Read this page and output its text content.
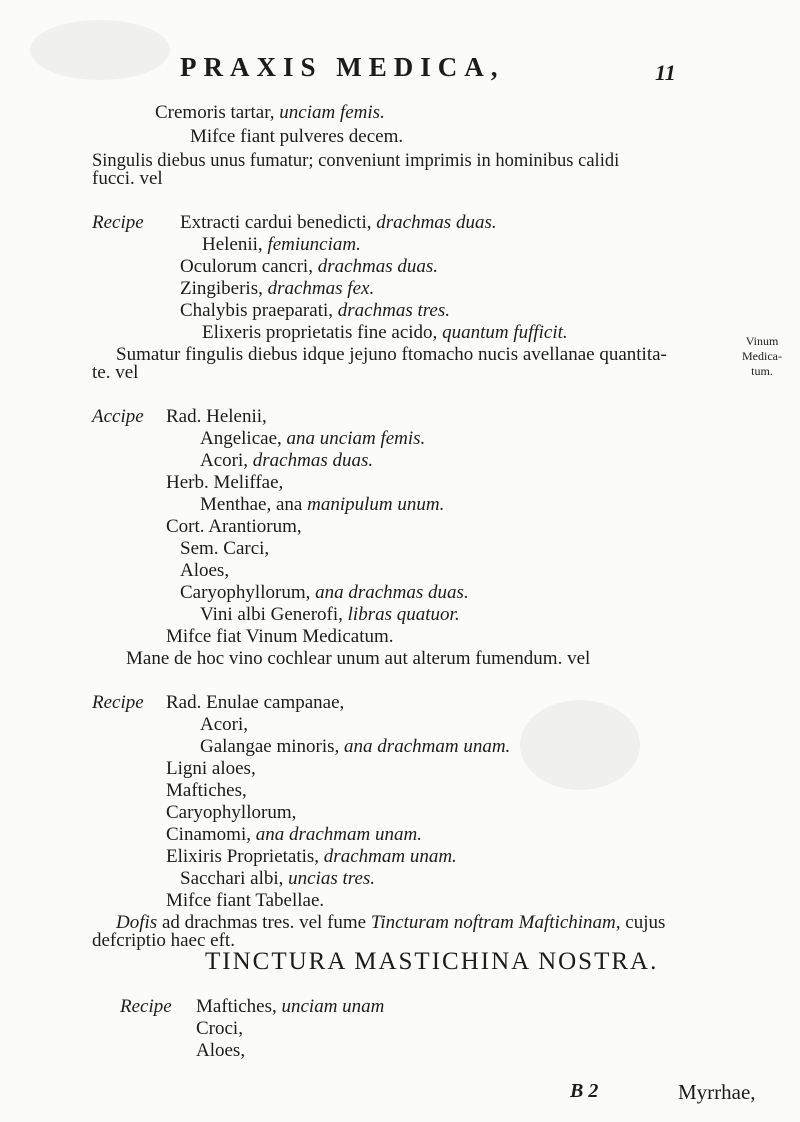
PRAXIS MEDICA,	11
Cremoris tartar, unciam femis.
Mifce fiant pulveres decem.
Singulis diebus unus fumatur; conveniunt imprimis in hominibus calidi
fucci. vel
Recipe Extracti cardui benedicti, drachmas duas.
Helenii, femiunciam.
Oculorum cancri, drachmas duas.
Zingiberis, drachmas fex.
Chalybis praeparati, drachmas tres.
Elixeris proprietatis fine acido, quantum fufficit.
Sumatur fingulis diebus idque jejuno ftomacho nucis avellanae quantita-
te. vel
Accipe Rad. Helenii,
Angelicae, ana unciam femis.
Acori, drachmas duas.
Herb. Meliffae,
Menthae, ana manipulum unum.
Cort. Arantiorum,
Sem. Carci,
Aloes,
Caryophyllorum, ana drachmas duas.
Vini albi Generofi, libras quatuor.
Mifce fiat Vinum Medicatum.
Mane de hoc vino cochlear unum aut alterum fumendum. vel
Vinum
Medica-
tum.
Recipe Rad. Enulae campanae,
Acori,
Galangae minoris, ana drachmam unam.
Ligni aloes,
Maftiches,
Caryophyllorum,
Cinamomi, ana drachmam unam.
Elixiris Proprietatis, drachmam unam.
Sacchari albi, uncias tres.
Mifce fiant Tabellae.
Dofis ad drachmas tres. vel fume Tincturam noftram Maftichinam, cujus
defcriptio haec eft.
TINCTURA MASTICHINA NOSTRA.
Recipe Maftiches, unciam unam
Croci,
Aloes,
B 2	Myrrhae,
